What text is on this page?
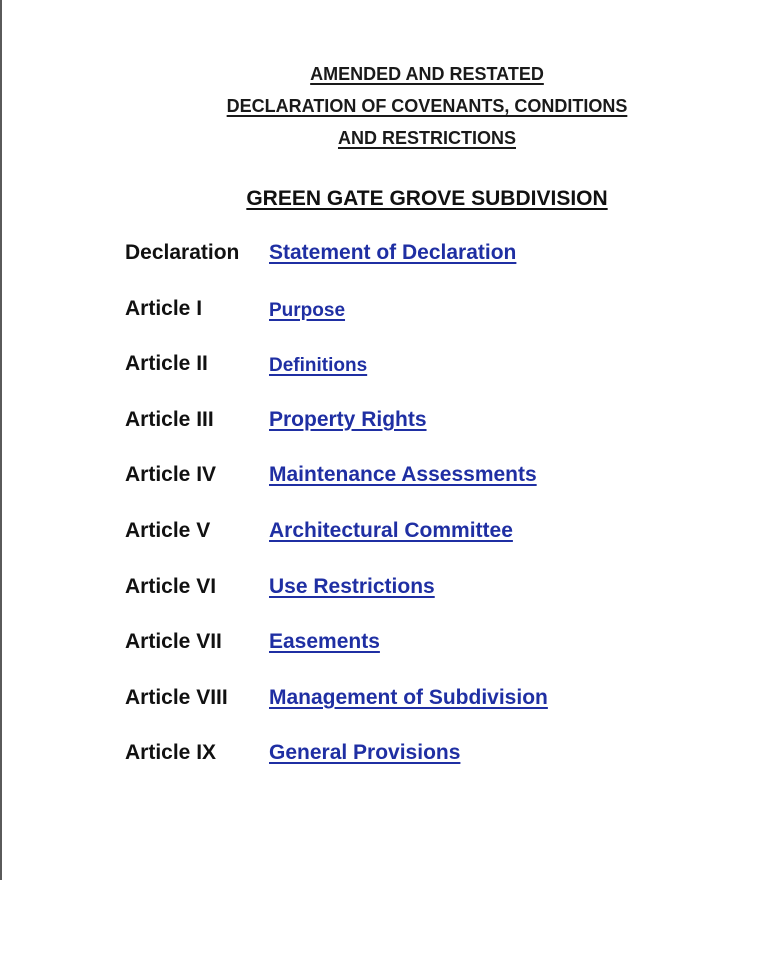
AMENDED AND RESTATED

DECLARATION OF COVENANTS, CONDITIONS

AND RESTRICTIONS

GREEN GATE GROVE SUBDIVISION

Declaration Statement of Declaration
Article I	Purpose
Article II	Definitions
Article III	Property Rights
Article IV	Maintenance Assessments
Article V	Architectural Committee
Article VI	Use Restrictions
Article VII Easements
Article VIII Management of Subdivision
Article IX	General Provisions
